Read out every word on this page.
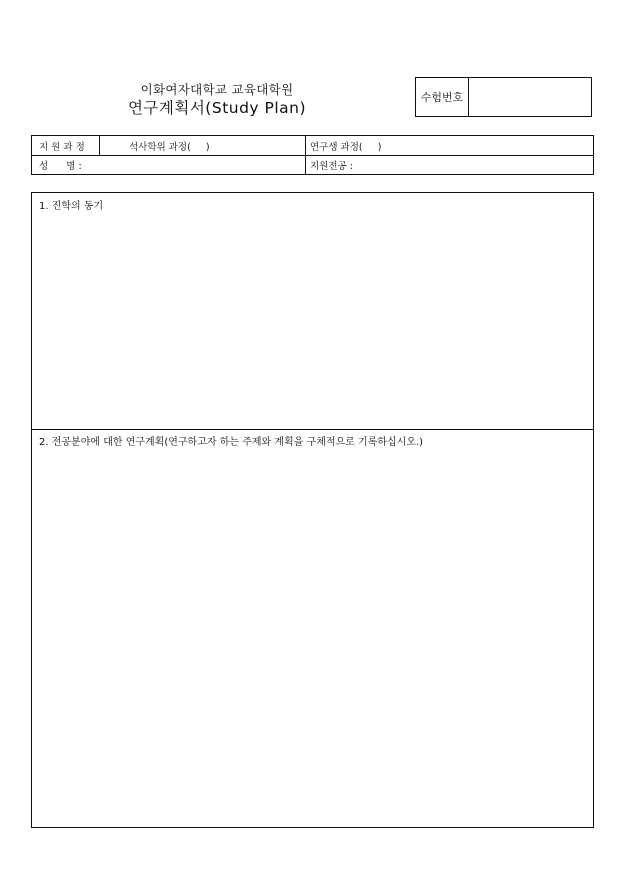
이화여자대학교 교육대학원
연구계획서(Study Plan)
수험번호
지 원 과 정	석사학위 과정(     )	연구생 과정(     )
성      명 :	지원전공 :
1. 진학의 동기
2. 전공분야에 대한 연구계획(연구하고자 하는 주제와 계획을 구체적으로 기록하십시오.)
